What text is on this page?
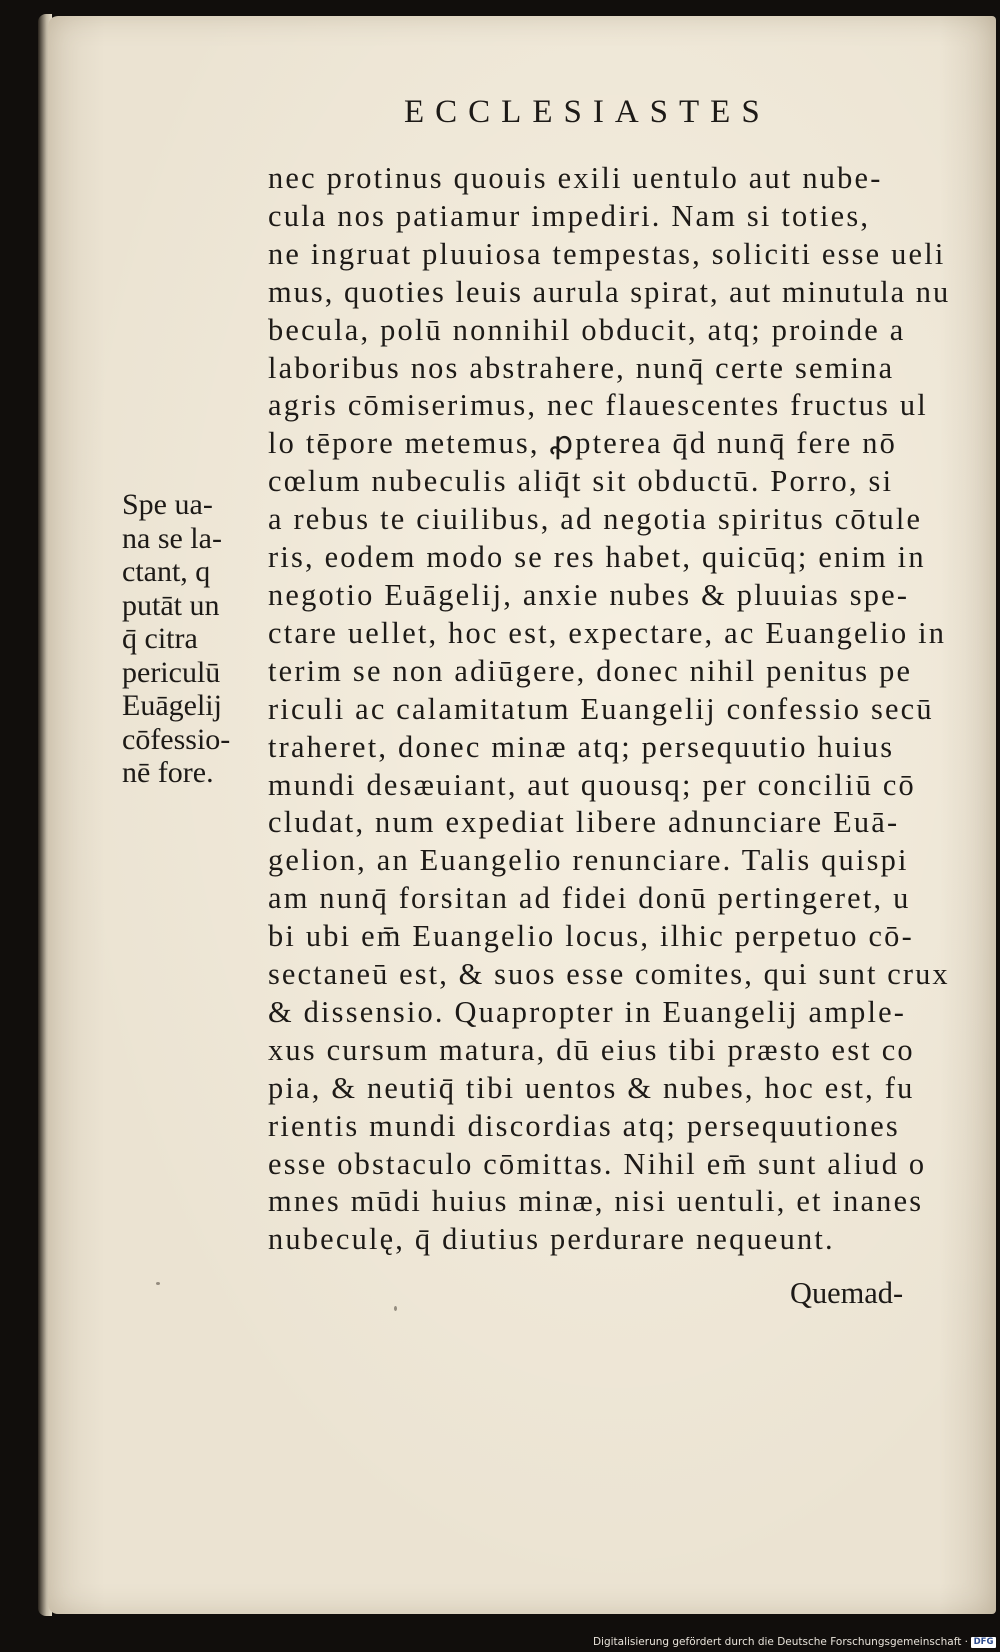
ECCLESIASTES
nec protinus quouis exili uentulo aut nube-
cula nos patiamur impediri. Nam si toties,
ne ingruat pluuiosa tempestas, soliciti esse ueli
mus, quoties leuis aurula spirat, aut minutula nu
becula, polū nonnihil obducit, atq; proinde a
laboribus nos abstrahere, nunq̄ certe semina
agris cōmiserimus, nec flauescentes fructus ul
lo tēpore metemus, ꝓpterea q̄d nunq̄ fere nō
cœlum nubeculis aliq̄t sit obductū. Porro, si
a rebus te ciuilibus, ad negotia spiritus cōtule
ris, eodem modo se res habet, quicūq; enim in
negotio Euāgelij, anxie nubes & pluuias spe-
ctare uellet, hoc est, expectare, ac Euangelio in
terim se non adiūgere, donec nihil penitus pe
riculi ac calamitatum Euangelij confessio secū
traheret, donec minæ atq; persequutio huius
mundi desæuiant, aut quousq; per conciliū cō
cludat, num expediat libere adnunciare Euā-
gelion, an Euangelio renunciare. Talis quispi
am nunq̄ forsitan ad fidei donū pertingeret, u
bi ubi em̄ Euangelio locus, ilhic perpetuo cō-
sectaneū est, & suos esse comites, qui sunt crux
& dissensio. Quapropter in Euangelij ample-
xus cursum matura, dū eius tibi præsto est co
pia, & neutiq̄ tibi uentos & nubes, hoc est, fu
rientis mundi discordias atq; persequutiones
esse obstaculo cōmittas. Nihil em̄ sunt aliud o
mnes mūdi huius minæ, nisi uentuli, et inanes
nubeculę, q̄ diutius perdurare nequeunt.
Spe ua-
na se la-
ctant, q
putāt un
q̄ citra
periculū
Euāgelij
cōfessio-
nē fore.
Quemad-
Digitalisierung gefördert durch die Deutsche Forschungsgemeinschaft · DFG
